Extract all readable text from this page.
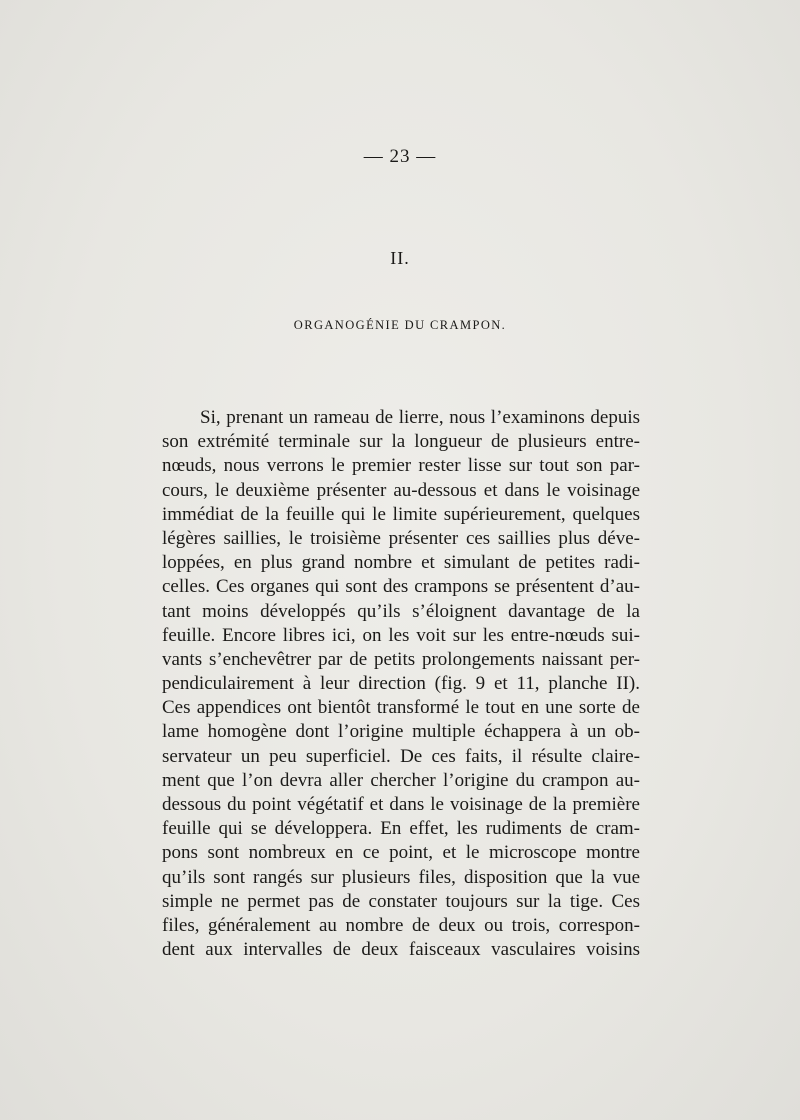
— 23 —
II.
ORGANOGÉNIE DU CRAMPON.
Si, prenant un rameau de lierre, nous l’examinons depuis
son extrémité terminale sur la longueur de plusieurs entre-
nœuds, nous verrons le premier rester lisse sur tout son par-
cours, le deuxième présenter au-dessous et dans le voisinage
immédiat de la feuille qui le limite supérieurement, quelques
légères saillies, le troisième présenter ces saillies plus déve-
loppées, en plus grand nombre et simulant de petites radi-
celles. Ces organes qui sont des crampons se présentent d’au-
tant moins développés qu’ils s’éloignent davantage de la
feuille. Encore libres ici, on les voit sur les entre-nœuds sui-
vants s’enchevêtrer par de petits prolongements naissant per-
pendiculairement à leur direction (fig. 9 et 11, planche II).
Ces appendices ont bientôt transformé le tout en une sorte de
lame homogène dont l’origine multiple échappera à un ob-
servateur un peu superficiel. De ces faits, il résulte claire-
ment que l’on devra aller chercher l’origine du crampon au-
dessous du point végétatif et dans le voisinage de la première
feuille qui se développera. En effet, les rudiments de cram-
pons sont nombreux en ce point, et le microscope montre
qu’ils sont rangés sur plusieurs files, disposition que la vue
simple ne permet pas de constater toujours sur la tige. Ces
files, généralement au nombre de deux ou trois, correspon-
dent aux intervalles de deux faisceaux vasculaires voisins
